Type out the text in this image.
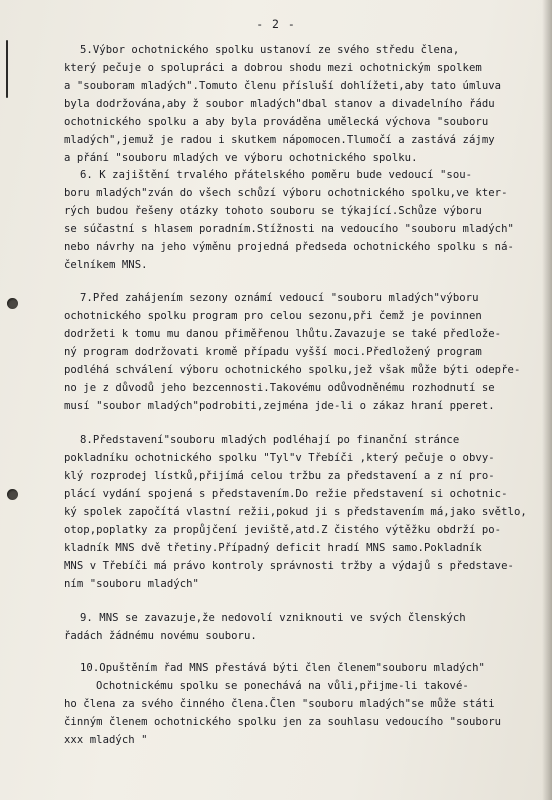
- 2 -
5.Výbor ochotnického spolku ustanoví ze svého středu člena,
který pečuje o spolupráci a dobrou shodu mezi ochotnickým spolkem
a "souboram mladých".Tomuto členu přísluší dohlížeti,aby tato úmluva
byla dodržována,aby ž soubor mladých"dbal stanov a divadelního řádu
ochotnického spolku a aby byla prováděna umělecká výchova "souboru
mladých",jemuž je radou i skutkem nápomocen.Tlumočí a zastává zájmy
a přání "souboru mladých ve výboru ochotnického spolku.
6. K zajištění trvalého přátelského poměru bude vedoucí "sou-
boru mladých"zván do všech schůzí výboru ochotnického spolku,ve kter-
rých budou řešeny otázky tohoto souboru se týkající.Schůze výboru
se súčastní s hlasem poradním.Stížnosti na vedoucího "souboru mladých"
nebo návrhy na jeho výměnu projedná předseda ochotnického spolku s ná-
čelníkem MNS.
7.Před zahájením sezony oznámí vedoucí "souboru mladých"výboru
ochotnického spolku program pro celou sezonu,při čemž je povinnen
dodržeti k tomu mu danou přiměřenou lhůtu.Zavazuje se také předlože-
ný program dodržovati kromě případu vyšší moci.Předložený program
podléhá schválení výboru ochotnického spolku,jež však může býti odepře-
no je z důvodů jeho bezcennosti.Takovému odůvodněnému rozhodnutí se
musí "soubor mladých"podrobiti,zejména jde-li o zákaz hraní pperet.
8.Představení"souboru mladých podléhají po finanční stránce
pokladníku ochotnického spolku "Tyl"v Třebíči ,který pečuje o obvy-
klý rozprodej lístků,přijímá celou tržbu za představení a z ní pro-
plácí vydání spojená s představením.Do režie představení si ochotnic-
ký spolek započítá vlastní režii,pokud ji s představením má,jako světlo,
otop,poplatky za propůjčení jeviště,atd.Z čistého výtěžku obdrží po-
kladník MNS dvě třetiny.Případný deficit hradí MNS samo.Pokladník
MNS v Třebíči má právo kontroly správnosti tržby a výdajů s představe-
ním "souboru mladých"
9. MNS se zavazuje,že nedovolí vzniknouti ve svých členských
řadách žádnému novému souboru.
10.Opuštěním řad MNS přestává býti člen členem"souboru mladých"
Ochotnickému spolku se ponechává na vůli,přijme-li takové-
ho člena za svého činného člena.Člen "souboru mladých"se může státi
činným členem ochotnického spolku jen za souhlasu vedoucího "souboru
xxx mladých "
